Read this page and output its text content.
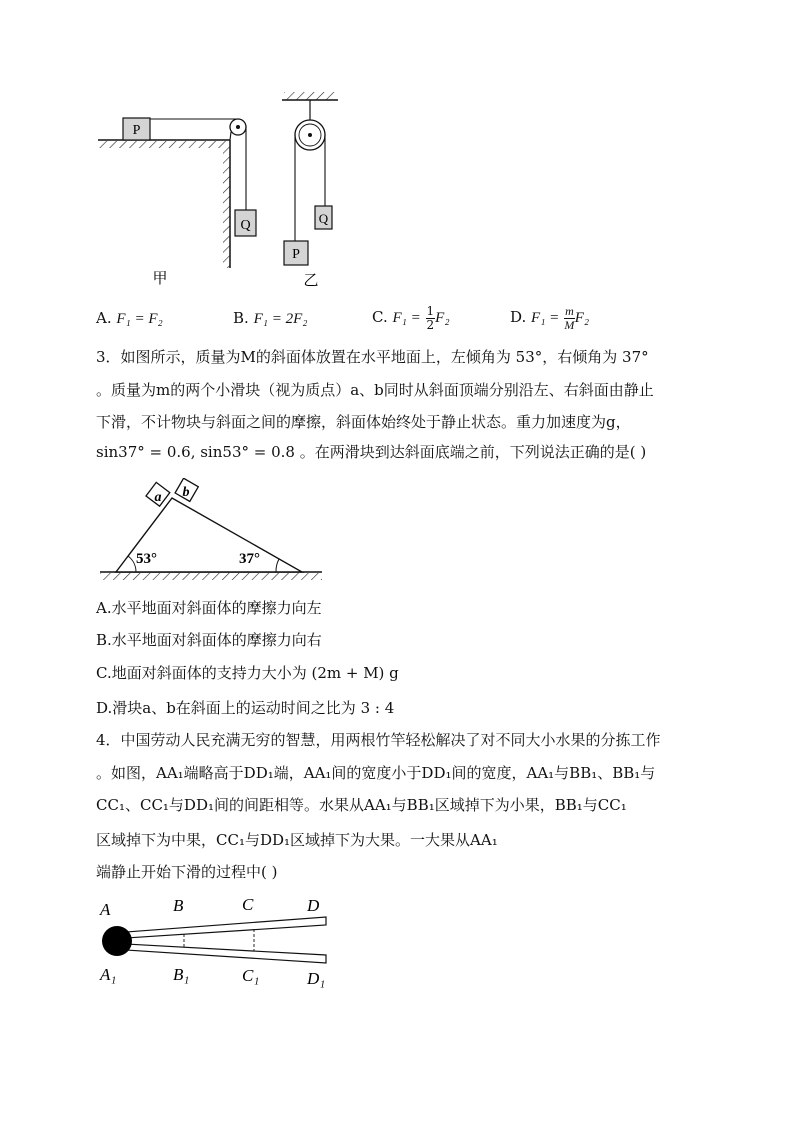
P
Q	Q
P
甲	乙
A. F₁ = F₂	B. F₁ = 2F₂	C. $F_1 = \frac{1}{2} F_2$	D. $F_1 = \frac{m}{M} F_2$
3．如图所示，质量为M的斜面体放置在水平地面上，左倾角为 53°，右倾角为 37°
。质量为m的两个小滑块（视为质点）a、b同时从斜面顶端分别沿左、右斜面由静止
下滑，不计物块与斜面之间的摩擦，斜面体始终处于静止状态。重力加速度为g，
sin37° = 0.6, sin53° = 0.8 。在两滑块到达斜面底端之前，下列说法正确的是( )
53°	37°
a b
A.水平地面对斜面体的摩擦力向左
B.水平地面对斜面体的摩擦力向右
C.地面对斜面体的支持力大小为 (2m + M) g
D.滑块a、b在斜面上的运动时间之比为 3 : 4
4．中国劳动人民充满无穷的智慧，用两根竹竿轻松解决了对不同大小水果的分拣工作
。如图，AA₁端略高于DD₁端，AA₁间的宽度小于DD₁间的宽度，AA₁与BB₁、BB₁与
CC₁、CC₁与DD₁间的间距相等。水果从AA₁与BB₁区域掉下为小果，BB₁与CC₁
区域掉下为中果，CC₁与DD₁区域掉下为大果。一大果从AA₁
端静止开始下滑的过程中( )
A	B	C	D
A₁	B₁	C₁	D₁
